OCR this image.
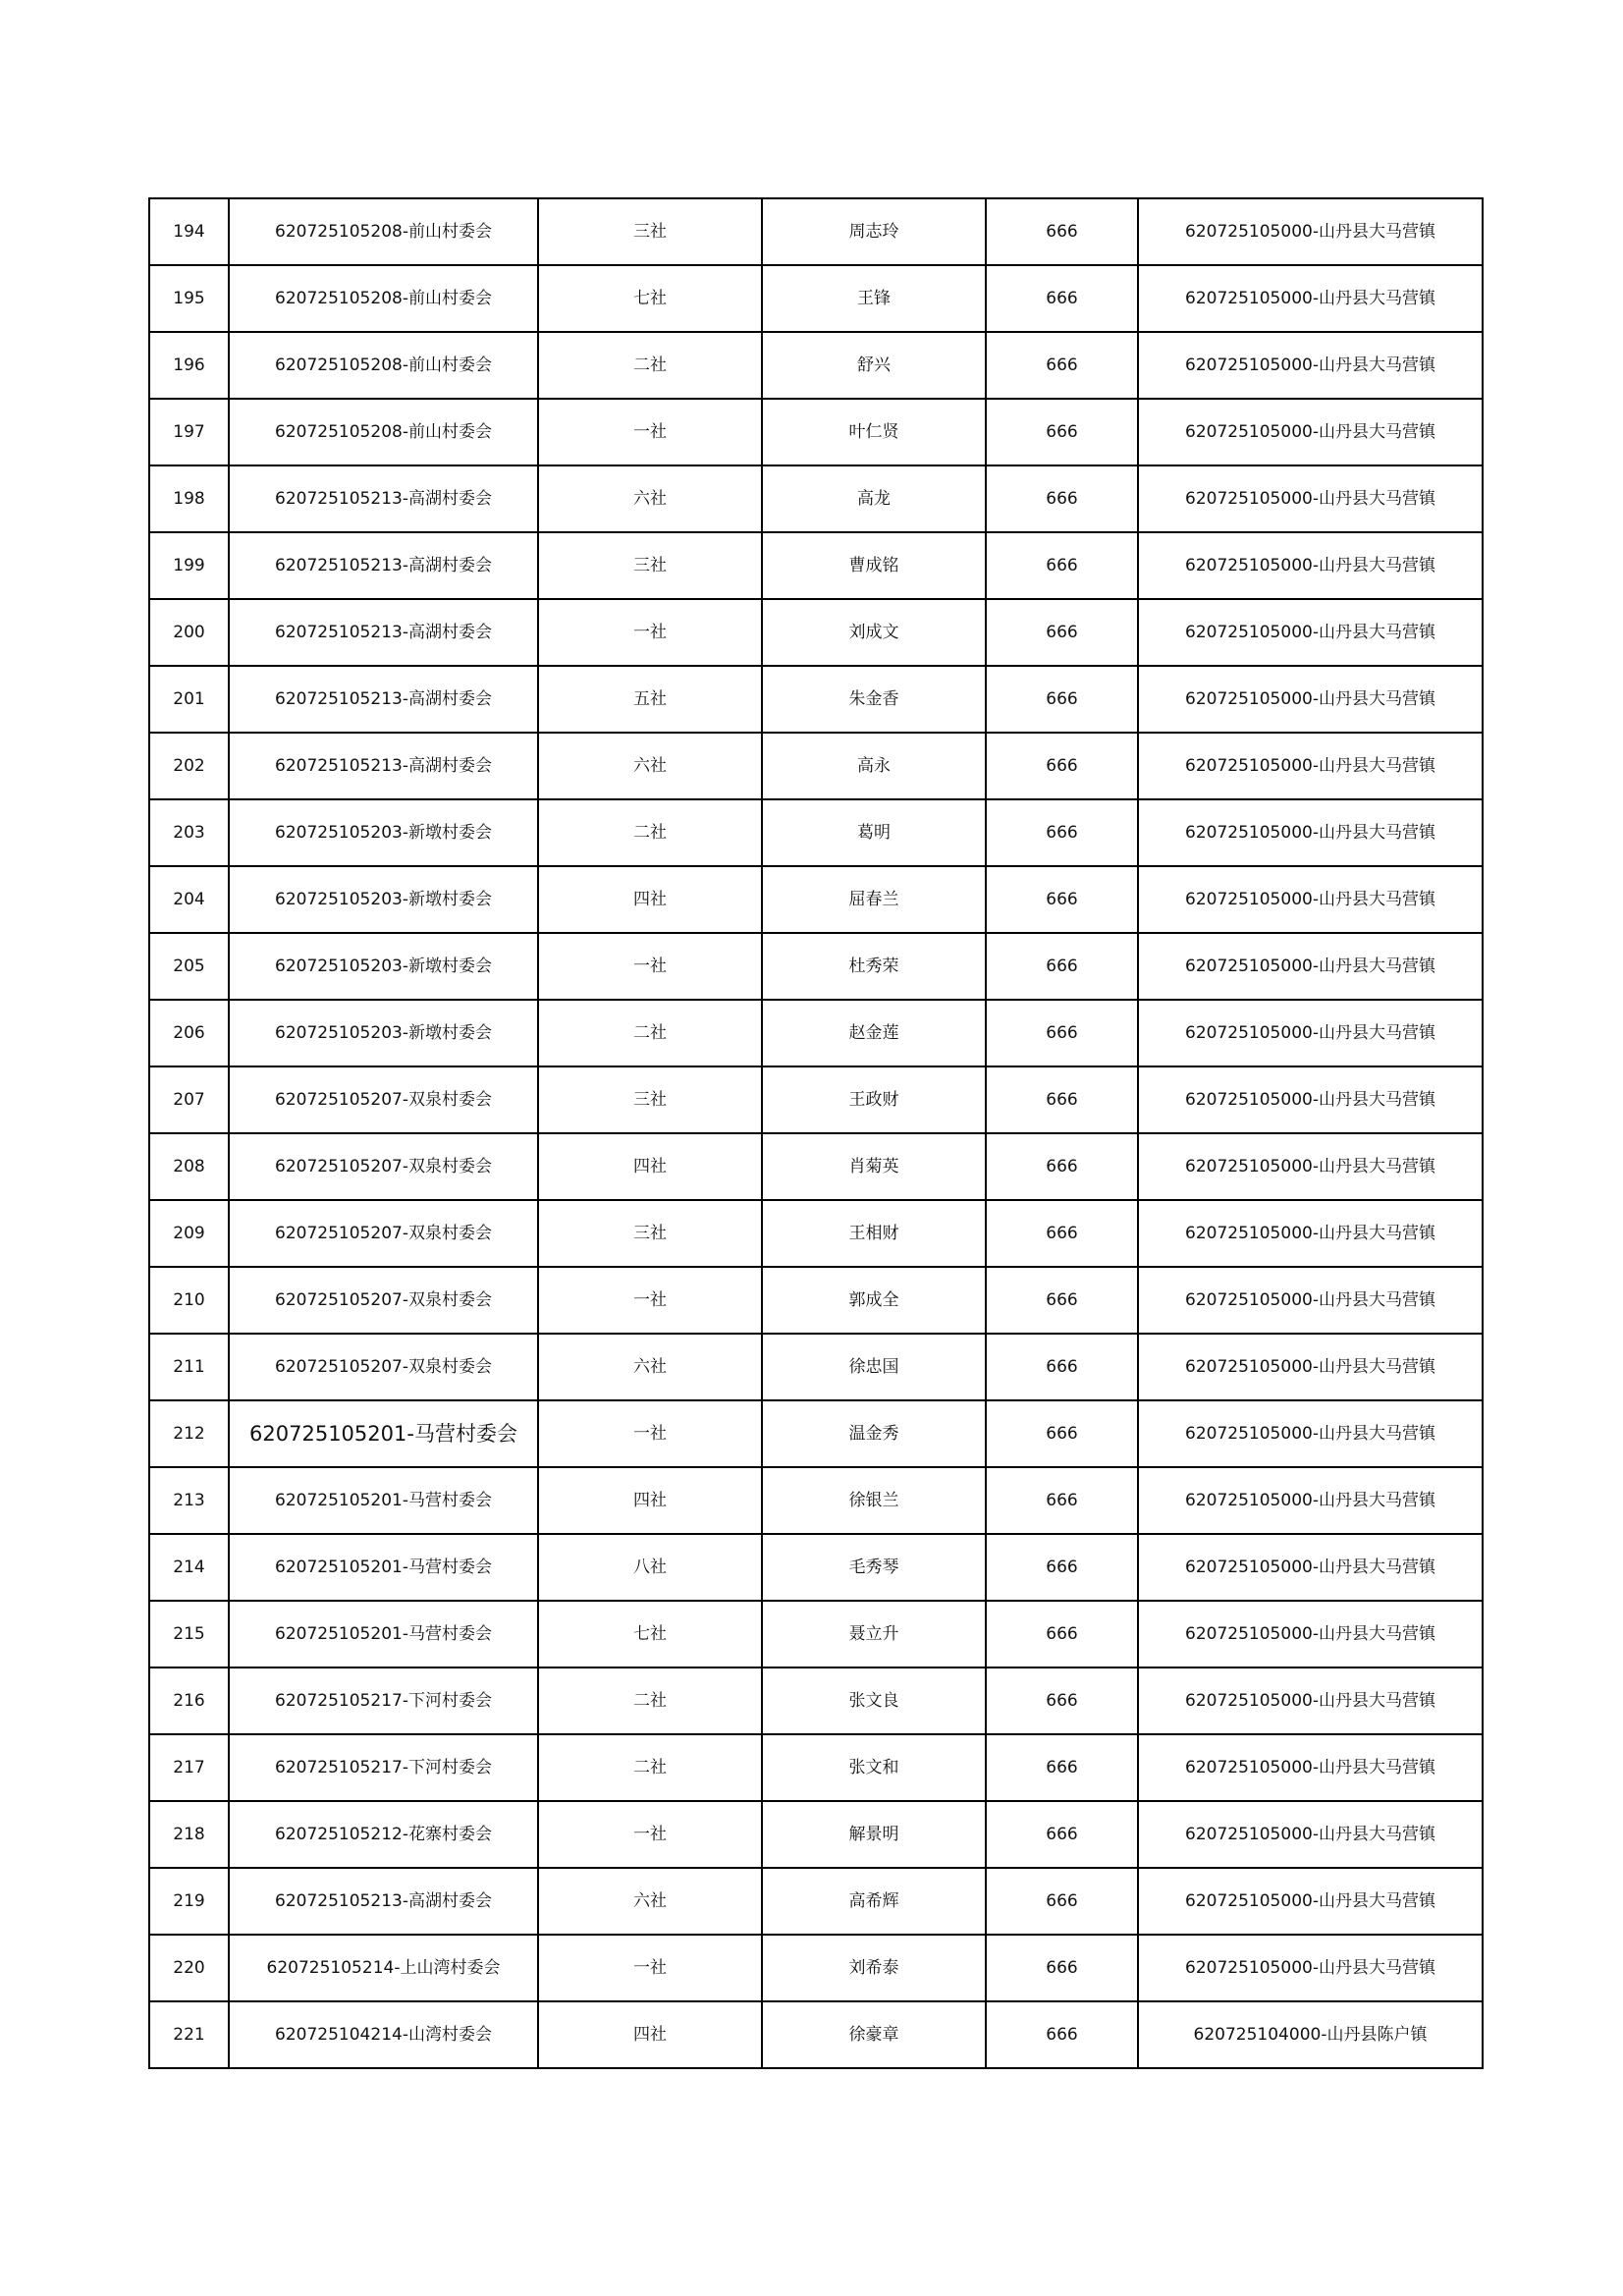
194	620725105208-前山村委会	三社	周志玲	666	620725105000-山丹县大马营镇
195	620725105208-前山村委会	七社	王锋	666	620725105000-山丹县大马营镇
196	620725105208-前山村委会	二社	舒兴	666	620725105000-山丹县大马营镇
197	620725105208-前山村委会	一社	叶仁贤	666	620725105000-山丹县大马营镇
198	620725105213-高湖村委会	六社	高龙	666	620725105000-山丹县大马营镇
199	620725105213-高湖村委会	三社	曹成铭	666	620725105000-山丹县大马营镇
200	620725105213-高湖村委会	一社	刘成文	666	620725105000-山丹县大马营镇
201	620725105213-高湖村委会	五社	朱金香	666	620725105000-山丹县大马营镇
202	620725105213-高湖村委会	六社	高永	666	620725105000-山丹县大马营镇
203	620725105203-新墩村委会	二社	葛明	666	620725105000-山丹县大马营镇
204	620725105203-新墩村委会	四社	屈春兰	666	620725105000-山丹县大马营镇
205	620725105203-新墩村委会	一社	杜秀荣	666	620725105000-山丹县大马营镇
206	620725105203-新墩村委会	二社	赵金莲	666	620725105000-山丹县大马营镇
207	620725105207-双泉村委会	三社	王政财	666	620725105000-山丹县大马营镇
208	620725105207-双泉村委会	四社	肖菊英	666	620725105000-山丹县大马营镇
209	620725105207-双泉村委会	三社	王相财	666	620725105000-山丹县大马营镇
210	620725105207-双泉村委会	一社	郭成全	666	620725105000-山丹县大马营镇
211	620725105207-双泉村委会	六社	徐忠国	666	620725105000-山丹县大马营镇
212	620725105201-马营村委会	一社	温金秀	666	620725105000-山丹县大马营镇
213	620725105201-马营村委会	四社	徐银兰	666	620725105000-山丹县大马营镇
214	620725105201-马营村委会	八社	毛秀琴	666	620725105000-山丹县大马营镇
215	620725105201-马营村委会	七社	聂立升	666	620725105000-山丹县大马营镇
216	620725105217-下河村委会	二社	张文良	666	620725105000-山丹县大马营镇
217	620725105217-下河村委会	二社	张文和	666	620725105000-山丹县大马营镇
218	620725105212-花寨村委会	一社	解景明	666	620725105000-山丹县大马营镇
219	620725105213-高湖村委会	六社	高希辉	666	620725105000-山丹县大马营镇
220	620725105214-上山湾村委会	一社	刘希泰	666	620725105000-山丹县大马营镇
221	620725104214-山湾村委会	四社	徐豪章	666	620725104000-山丹县陈户镇
